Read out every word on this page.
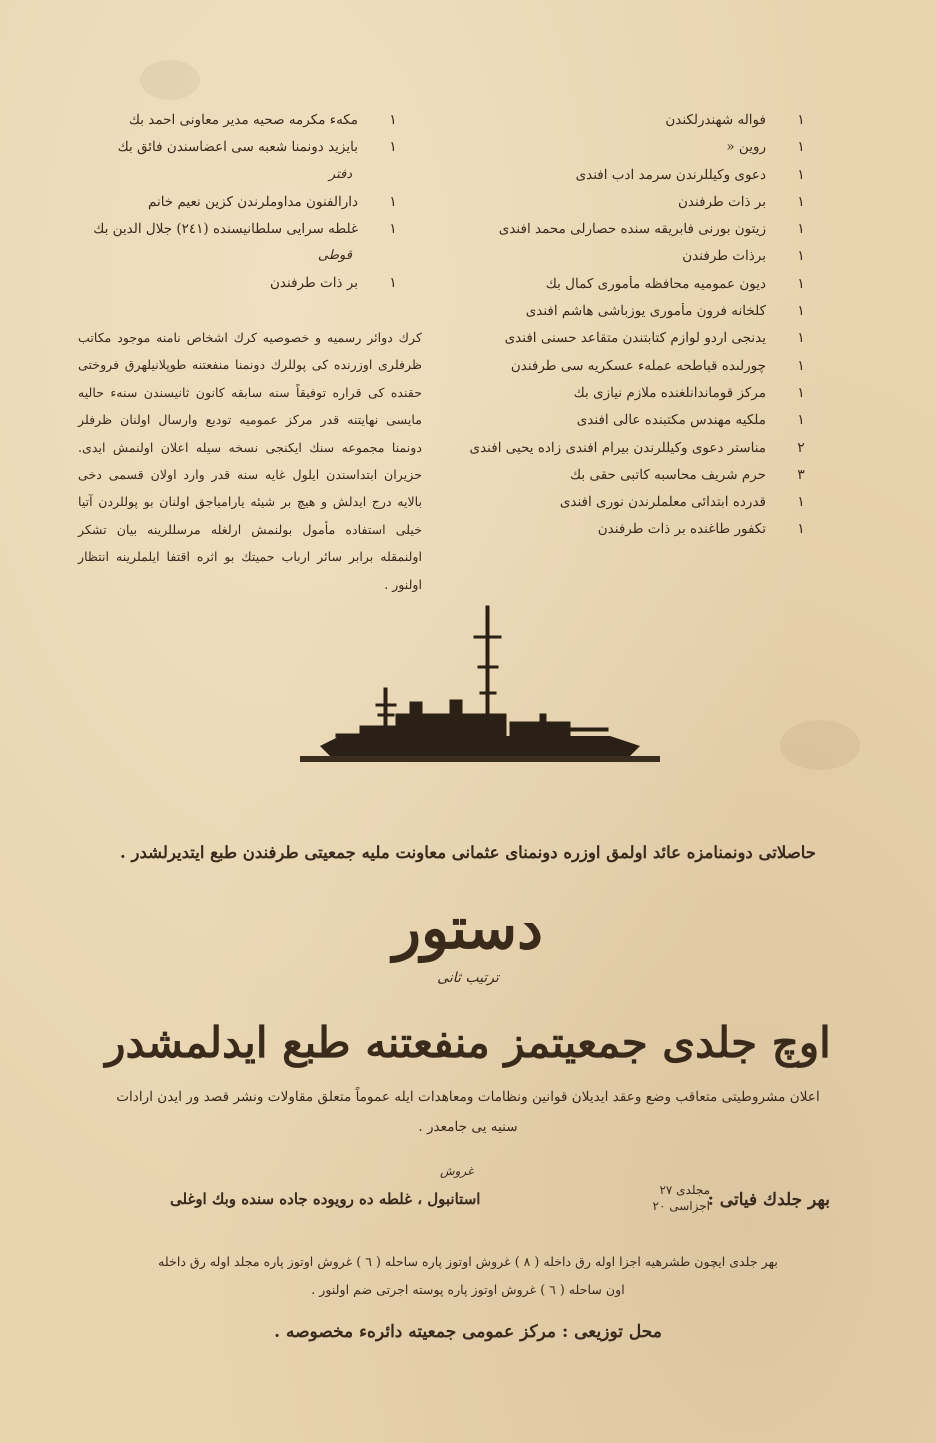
١
فواله شهندرلكندن
١
روين «
١
دعوى وكيللرندن سرمد ادب افندى
١
بر ذات طرفندن
١
زيتون بورنى فابريقه سنده حصارلى محمد افندى
١
برذات طرفندن
١
ديون عموميه محافظه مأمورى كمال بك
١
كلخانه فرون مأمورى يوزباشى هاشم افندى
١
يدنجى اردو لوازم كتابتندن متقاعد حسنى افندى
١
چورلىده قباطحه عملهء عسكريه سى طرفندن
١
مركز قوماندانلغنده ملازم نيازى بك
١
ملكيه مهندس مكتبنده عالى افندى
٢
مناستر دعوى وكيللرندن بيرام افندى زاده يحيى افندى
٣
حرم شريف محاسبه كاتبى حقى بك
١
قدرده ابتدائى معلملرندن نورى افندى
١
تكفور طاغنده بر ذات طرفندن
١
مكهء مكرمه صحيه مدير معاونى احمد بك
١
بايزيد دونمنا شعبه سى اعضاسندن فائق بك
دفتر
١
دارالفنون مداوملرندن كزين نعيم خانم
١
غلطه سرايى سلطانيسنده (٢٤١) جلال الدين بك
قوطى
١
بر ذات طرفندن
كرك دوائر رسميه و خصوصيه كرك اشخاص نامنه موجود مكاتب ظرفلرى اوزرنده كى پوللرك دونمنا منفعتنه طوپلانيلهرق فروختى حقنده كى قراره توفيقاً سنه سابقه كانون ثانيسندن سنهء حاليه مايسى نهايتنه قدر مركز عموميه توديع وارسال اولنان ظرفلر دونمنا مجموعه سنك ايكنجى نسخه سيله اعلان اولنمش ايدى. حزيران ابتداسندن ايلول غايه سنه قدر وارد اولان قسمى دخى بالايه درج ايدلش و هيچ بر شيئه يارامياجق اولنان بو پوللردن آتيا خيلى استفاده مأمول بولنمش ارلغله مرسللرينه بيان تشكر اولنمقله برابر سائر ارباب حميتك بو اثره اقتفا ايلملرينه انتظار اولنور .
حاصلاتى دونمنامزه عائد اولمق اوزره دونمناى عثمانى معاونت مليه جمعيتى طرفندن طبع ايتديرلشدر .
دستور
ترتيب ثانى
اوچ جلدى جمعيتمز منفعتنه طبع ايدلمشدر
اعلان مشروطيتى متعاقب وضع وعقد ايديلان قوانين ونظامات ومعاهدات ايله عموماً متعلق مقاولات ونشر قصد ور ايدن ارادات
سنيه يى جامعدر .
غروش
بهر جلدك فياتى :
مجلدى ٢٧
اجزاسى ٢٠
استانبول ، غلطه ده رويوده جاده سنده وبك اوغلى
بهر جلدى ايچون طشرهيه اجزا اوله رق داخله ( ٨ ) غروش اوتوز پاره ساحله ( ٦ ) غروش اوتوز پاره مجلد اوله رق داخله
اون ساحله ( ٦ ) غروش اوتوز پاره پوسته اجرتى ضم اولنور .
محل توزيعى : مركز عمومى جمعيته دائرهء مخصوصه .
